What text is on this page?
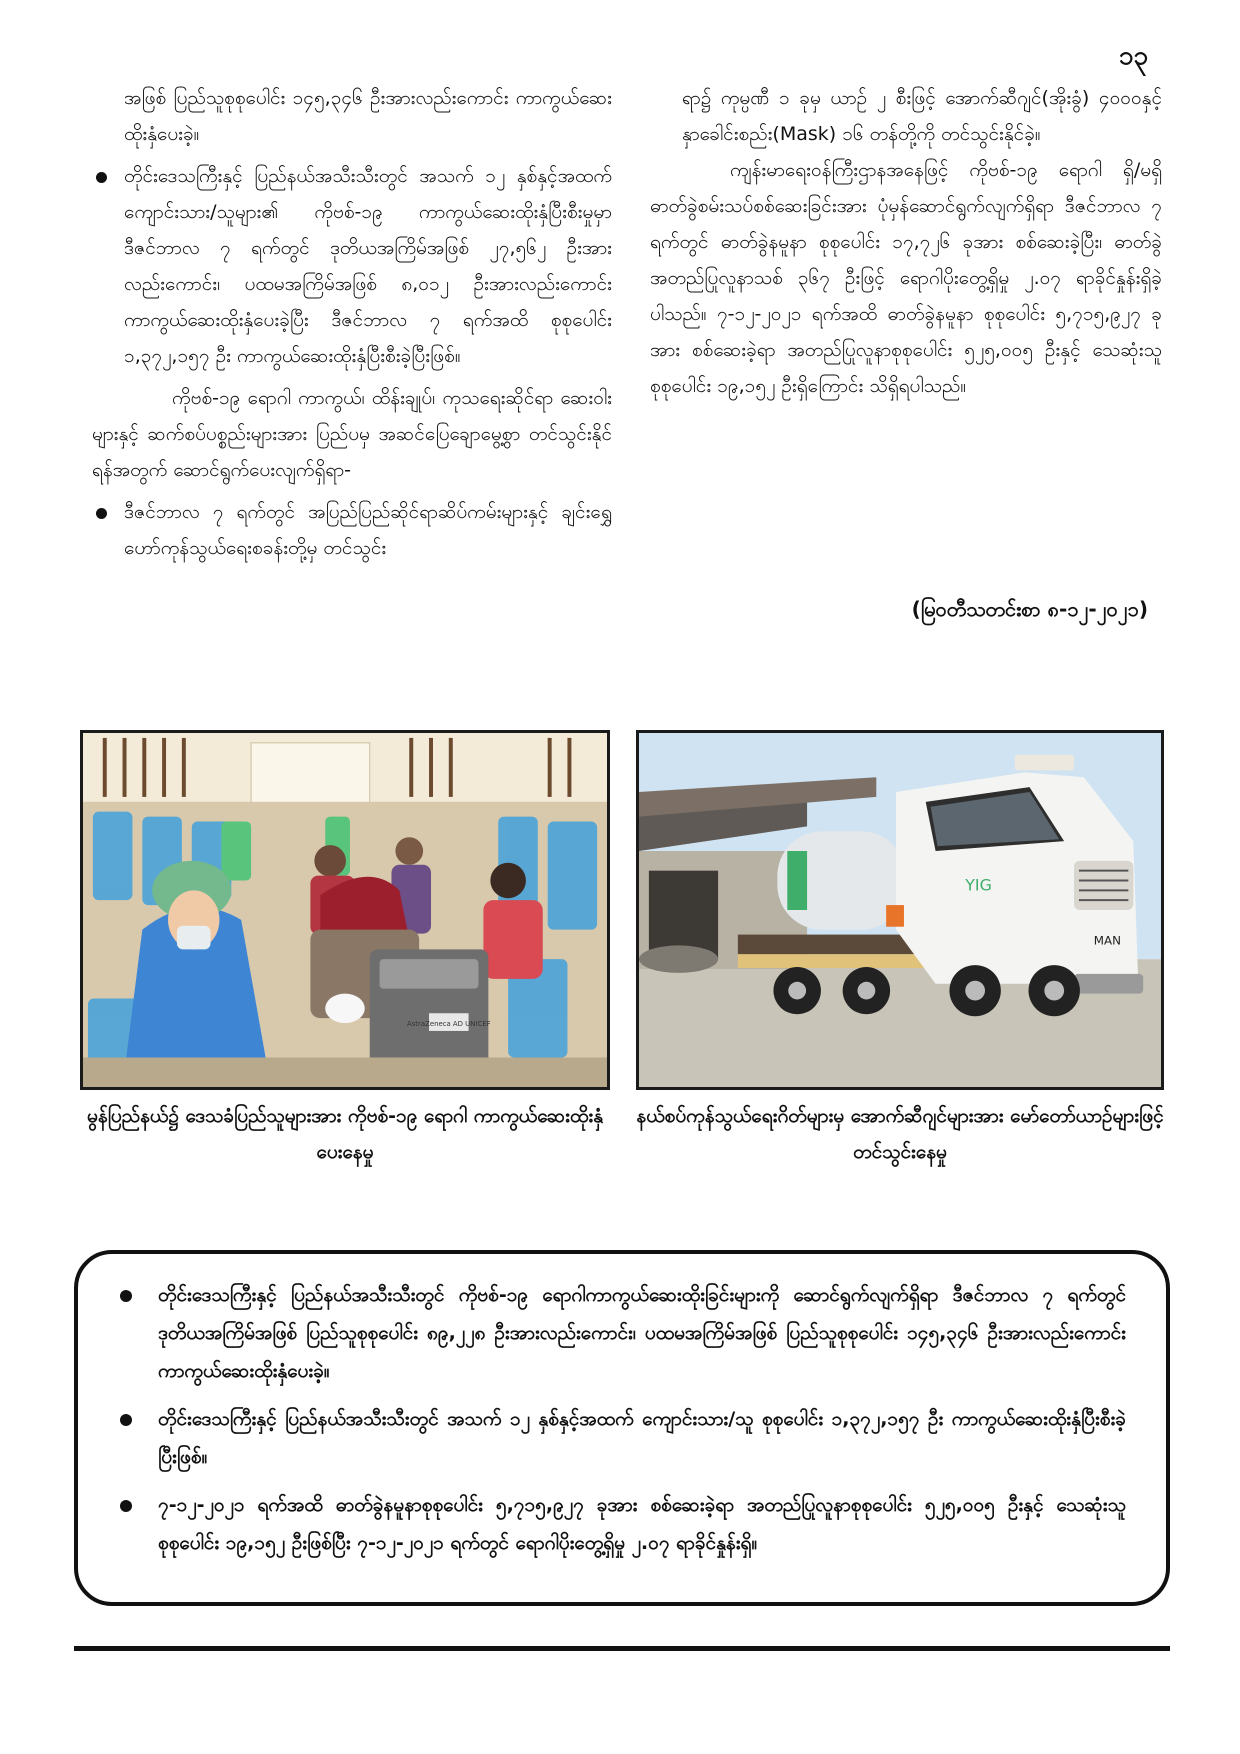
၁၃

အဖြစ် ပြည်သူစုစုပေါင်း ၁၄၅,၃၄၆ ဦးအားလည်းကောင်း ကာကွယ်ဆေးထိုးနှံပေးခဲ့။

တိုင်းဒေသကြီးနှင့် ပြည်နယ်အသီးသီးတွင် အသက် ၁၂ နှစ်နှင့်အထက် ကျောင်းသား/သူများ၏ ကိုဗစ်-၁၉ ကာကွယ်ဆေးထိုးနှံပြီးစီးမှုမှာ ဒီဇင်ဘာလ ၇ ရက်တွင် ဒုတိယအကြိမ်အဖြစ် ၂၇,၅၆၂ ဦးအားလည်းကောင်း၊ ပထမအကြိမ်အဖြစ် ၈,၀၁၂ ဦးအားလည်းကောင်း ကာကွယ်ဆေးထိုးနှံပေးခဲ့ပြီး ဒီဇင်ဘာလ ၇ ရက်အထိ စုစုပေါင်း ၁,၃၇၂,၁၅၇ ဦး ကာကွယ်ဆေးထိုးနှံပြီးစီးခဲ့ပြီးဖြစ်။

ကိုဗစ်-၁၉ ရောဂါ ကာကွယ်၊ ထိန်းချုပ်၊ ကုသရေးဆိုင်ရာ ဆေးဝါးများနှင့် ဆက်စပ်ပစ္စည်းများအား ပြည်ပမှ အဆင်ပြေချောမွေ့စွာ တင်သွင်းနိုင်ရန်အတွက် ဆောင်ရွက်ပေးလျက်ရှိရာ-

ဒီဇင်ဘာလ ၇ ရက်တွင် အပြည်ပြည်ဆိုင်ရာဆိပ်ကမ်းများနှင့် ချင်းရွှေဟော်ကုန်သွယ်ရေးစခန်းတို့မှ တင်သွင်း

ရာ၌ ကုမ္ပဏီ ၁ ခုမှ ယာဉ် ၂ စီးဖြင့် အောက်ဆီဂျင်(အိုးခွံ) ၄၀၀၀နှင့် နှာခေါင်းစည်း(Mask) ၁၆ တန်တို့ကို တင်သွင်းနိုင်ခဲ့။

ကျန်းမာရေးဝန်ကြီးဌာနအနေဖြင့် ကိုဗစ်-၁၉ ရောဂါ ရှိ/မရှိ ဓာတ်ခွဲစမ်းသပ်စစ်ဆေးခြင်းအား ပုံမှန်ဆောင်ရွက်လျက်ရှိရာ ဒီဇင်ဘာလ ၇ ရက်တွင် ဓာတ်ခွဲနမူနာ စုစုပေါင်း ၁၇,၇၂၆ ခုအား စစ်ဆေးခဲ့ပြီး၊ ဓာတ်ခွဲအတည်ပြုလူနာသစ် ၃၆၇ ဦးဖြင့် ရောဂါပိုးတွေ့ရှိမှု ၂.၀၇ ရာခိုင်နှုန်းရှိခဲ့ပါသည်။ ၇-၁၂-၂၀၂၁ ရက်အထိ ဓာတ်ခွဲနမူနာ စုစုပေါင်း ၅,၇၁၅,၉၂၇ ခုအား စစ်ဆေးခဲ့ရာ အတည်ပြုလူနာစုစုပေါင်း ၅၂၅,၀၀၅ ဦးနှင့် သေဆုံးသူစုစုပေါင်း ၁၉,၁၅၂ ဦးရှိကြောင်း သိရှိရပါသည်။

(မြဝတီသတင်းစာ ၈-၁၂-၂၀၂၁)
AstraZeneca AD UNICEF
YIG
MAN
မွန်ပြည်နယ်၌ ဒေသခံပြည်သူများအား ကိုဗစ်-၁၉ ရောဂါ ကာကွယ်ဆေးထိုးနှံပေးနေမှု
နယ်စပ်ကုန်သွယ်ရေးဂိတ်များမှ အောက်ဆီဂျင်များအား မော်တော်ယာဉ်များဖြင့် တင်သွင်းနေမှု
တိုင်းဒေသကြီးနှင့် ပြည်နယ်အသီးသီးတွင် ကိုဗစ်-၁၉ ရောဂါကာကွယ်ဆေးထိုးခြင်းများကို ဆောင်ရွက်လျက်ရှိရာ ဒီဇင်ဘာလ ၇ ရက်တွင် ဒုတိယအကြိမ်အဖြစ် ပြည်သူစုစုပေါင်း ၈၉,၂၂၈ ဦးအားလည်းကောင်း၊ ပထမအကြိမ်အဖြစ် ပြည်သူစုစုပေါင်း ၁၄၅,၃၄၆ ဦးအားလည်းကောင်း ကာကွယ်ဆေးထိုးနှံပေးခဲ့။
တိုင်းဒေသကြီးနှင့် ပြည်နယ်အသီးသီးတွင် အသက် ၁၂ နှစ်နှင့်အထက် ကျောင်းသား/သူ စုစုပေါင်း ၁,၃၇၂,၁၅၇ ဦး ကာကွယ်ဆေးထိုးနှံပြီးစီးခဲ့ပြီးဖြစ်။
၇-၁၂-၂၀၂၁ ရက်အထိ ဓာတ်ခွဲနမူနာစုစုပေါင်း ၅,၇၁၅,၉၂၇ ခုအား စစ်ဆေးခဲ့ရာ အတည်ပြုလူနာစုစုပေါင်း ၅၂၅,၀၀၅ ဦးနှင့် သေဆုံးသူစုစုပေါင်း ၁၉,၁၅၂ ဦးဖြစ်ပြီး ၇-၁၂-၂၀၂၁ ရက်တွင် ရောဂါပိုးတွေ့ရှိမှု ၂.၀၇ ရာခိုင်နှုန်းရှိ။
